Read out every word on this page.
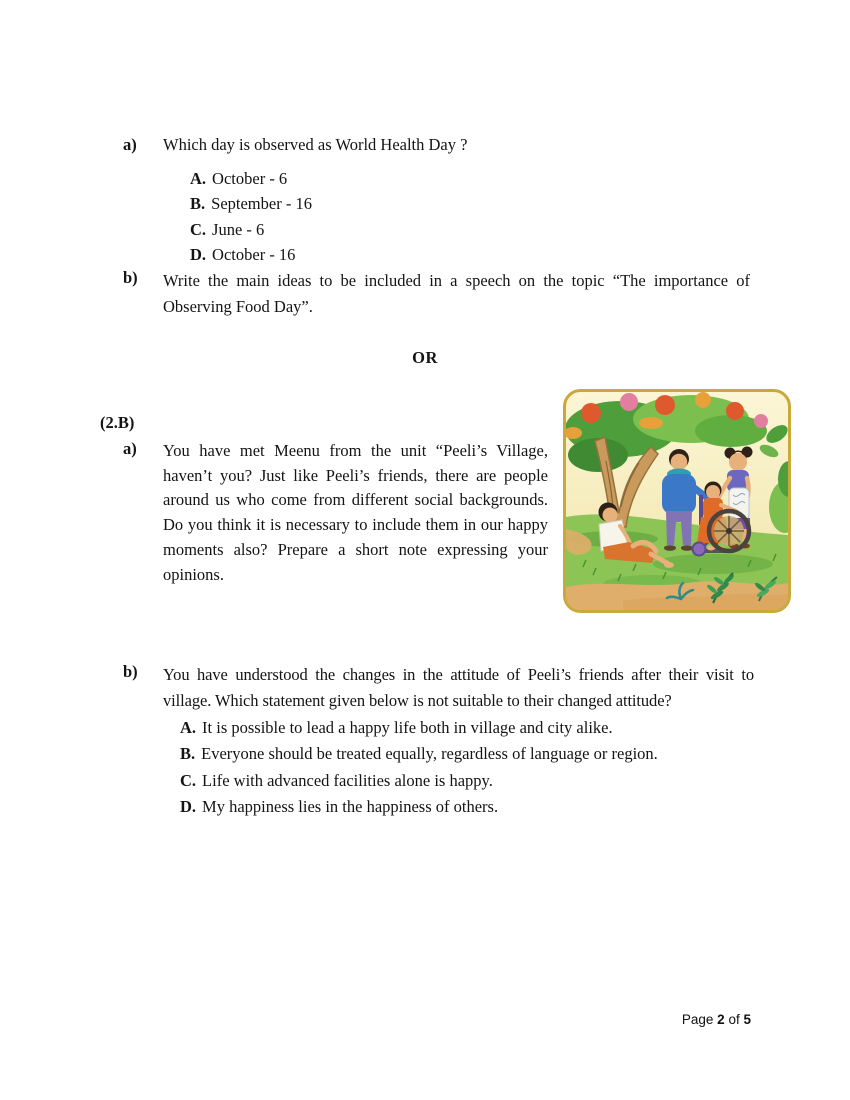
a)	Which day is observed as World Health Day ?
A. October - 6
B. September - 16
C. June - 6
D. October - 16
b)	Write the main ideas to be included in a speech on the topic “The importance of Observing Food Day”.
OR
(2.B)
a)	You have met Meenu from the unit “Peeli’s Village, haven’t you? Just like Peeli’s friends, there are people around us who come from different social backgrounds. Do you think it is necessary to include them in our happy moments also? Prepare a short note expressing your opinions.
b)	You have understood the changes in the attitude of Peeli’s friends after their visit to village. Which statement given below is not suitable to their changed attitude?
A. It is possible to lead a happy life both in village and city alike.
B. Everyone should be treated equally, regardless of language or region.
C. Life with advanced facilities alone is happy.
D. My happiness lies in the happiness of others.
Page 2 of 5
